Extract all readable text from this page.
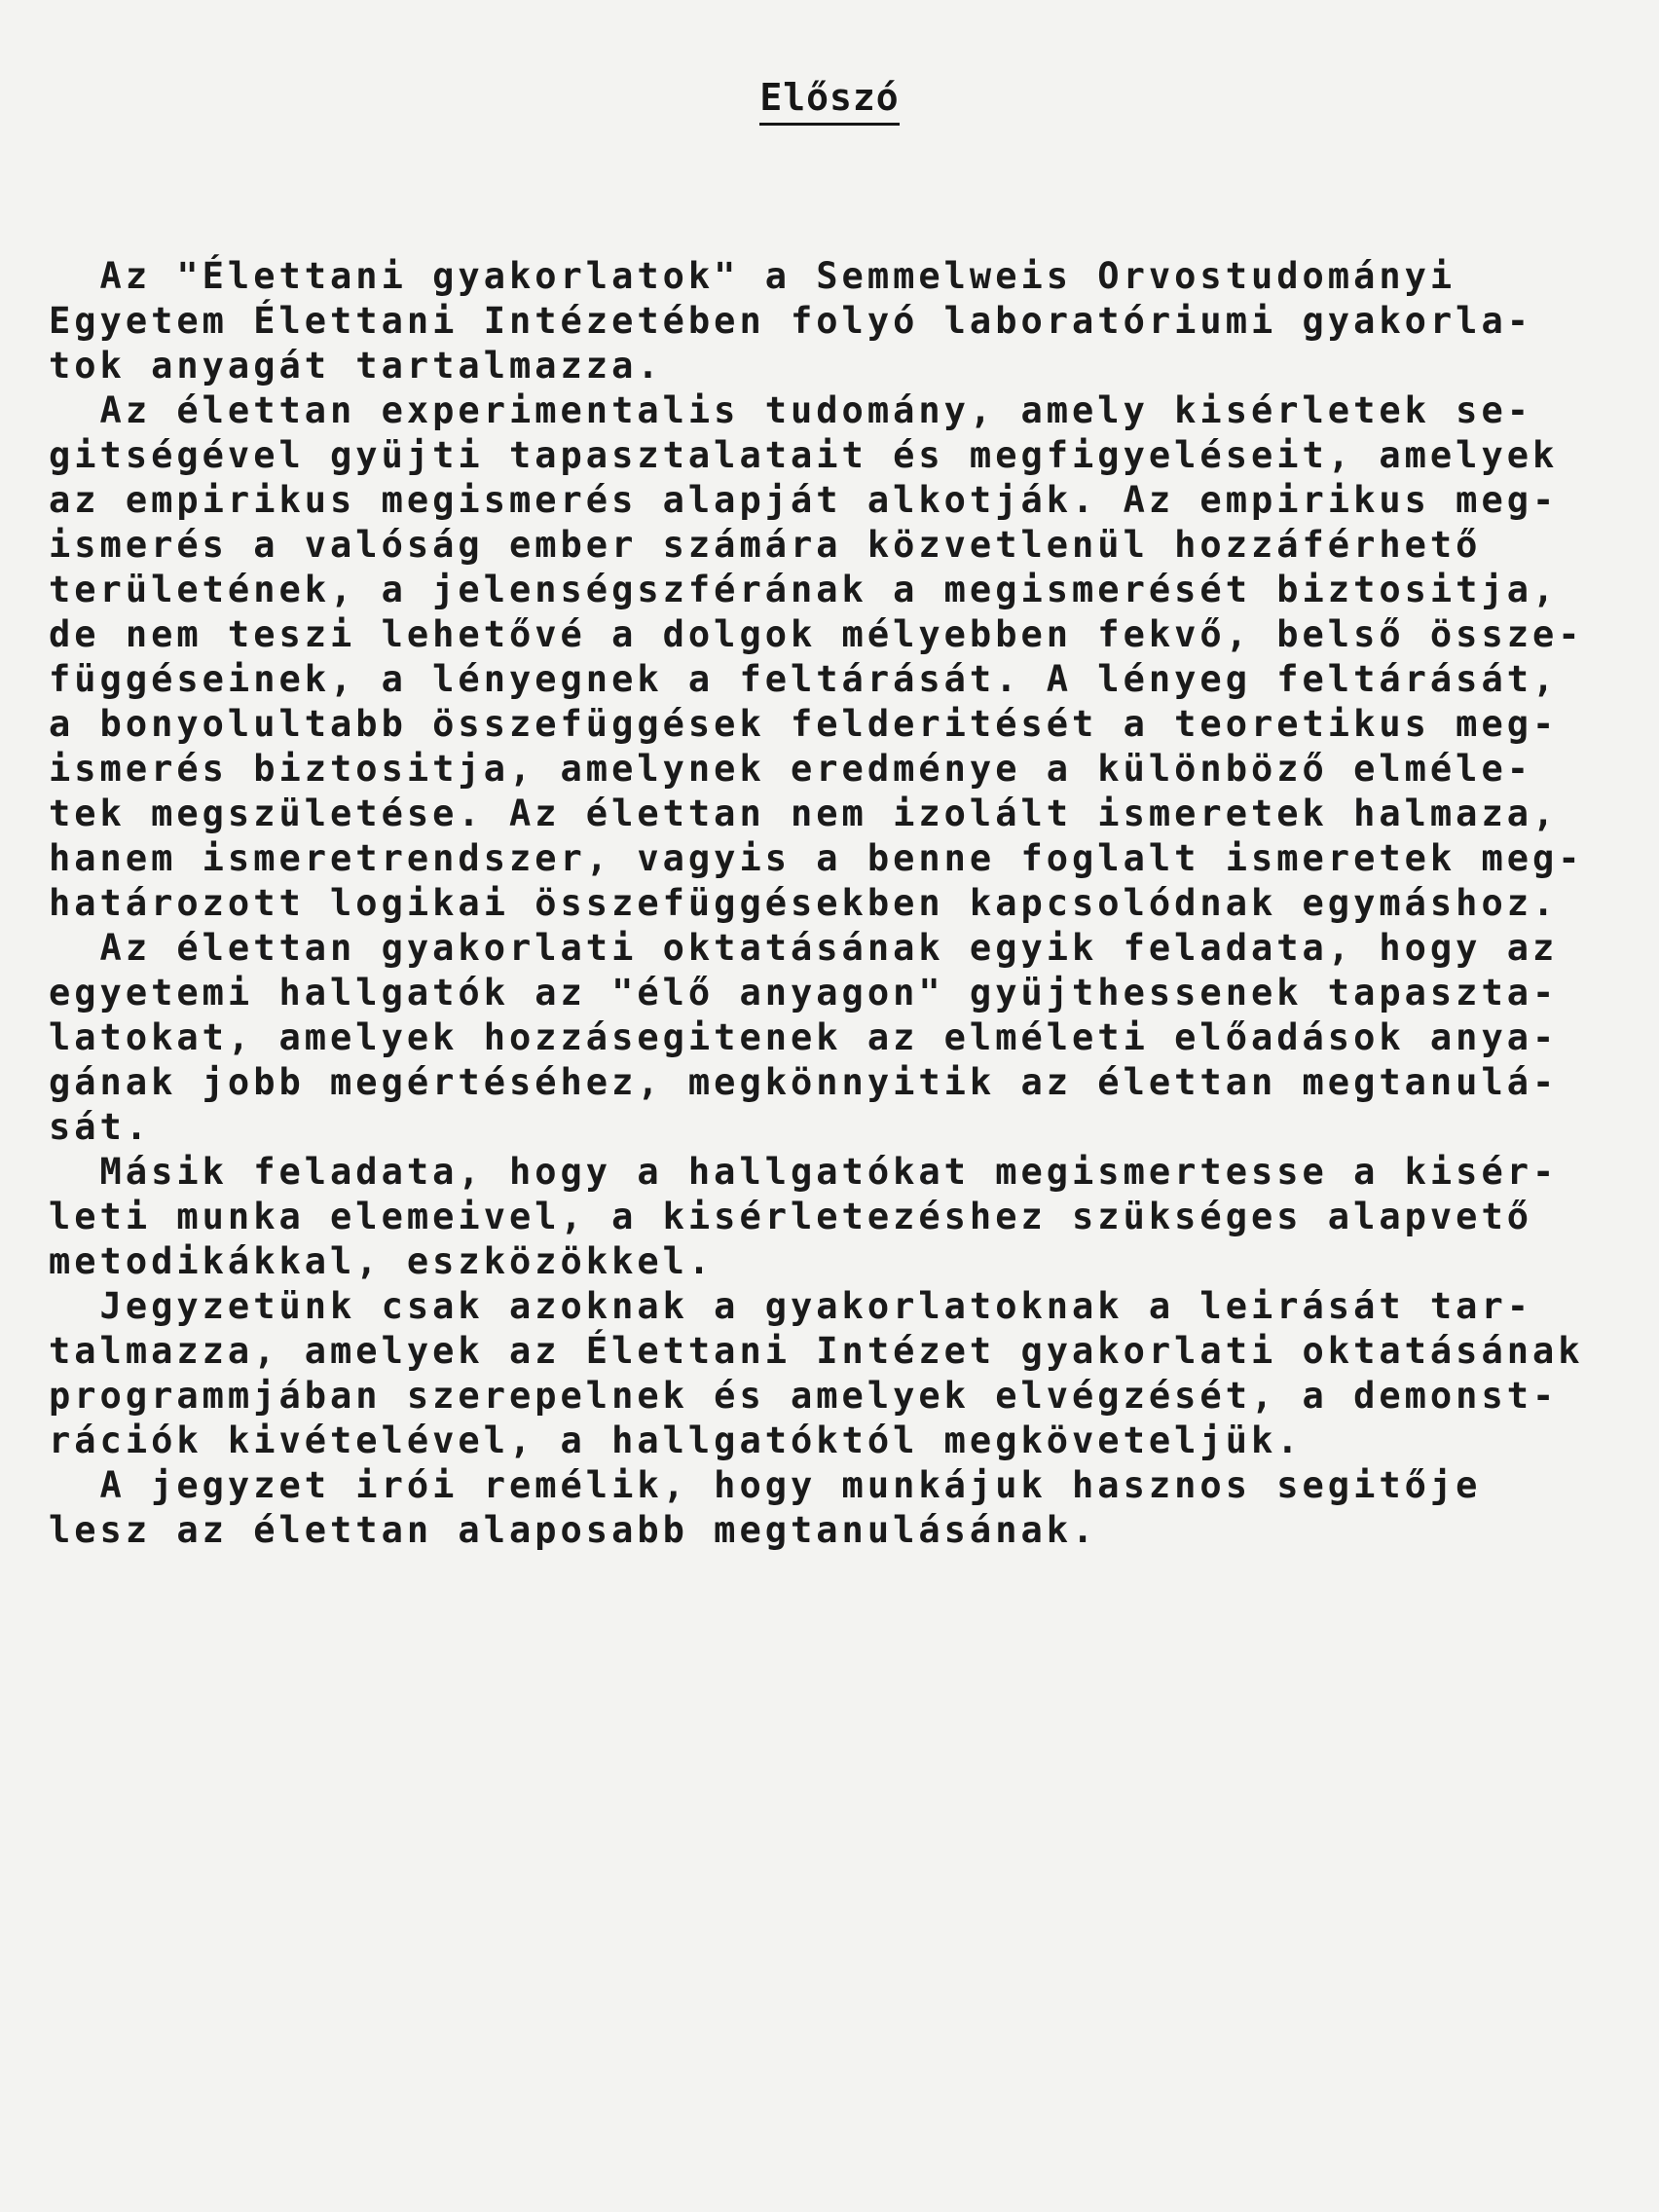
Előszó
Az "Élettani gyakorlatok" a Semmelweis Orvostudományi
Egyetem Élettani Intézetében folyó laboratóriumi gyakorla-
tok anyagát tartalmazza.
Az élettan experimentalis tudomány, amely kisérletek se-
gitségével gyüjti tapasztalatait és megfigyeléseit, amelyek
az empirikus megismerés alapját alkotják. Az empirikus meg-
ismerés a valóság ember számára közvetlenül hozzáférhető
területének, a jelenségszférának a megismerését biztositja,
de nem teszi lehetővé a dolgok mélyebben fekvő, belső össze-
függéseinek, a lényegnek a feltárását. A lényeg feltárását,
a bonyolultabb összefüggések felderitését a teoretikus meg-
ismerés biztositja, amelynek eredménye a különböző elméle-
tek megszületése. Az élettan nem izolált ismeretek halmaza,
hanem ismeretrendszer, vagyis a benne foglalt ismeretek meg-
határozott logikai összefüggésekben kapcsolódnak egymáshoz.
Az élettan gyakorlati oktatásának egyik feladata, hogy az
egyetemi hallgatók az "élő anyagon" gyüjthessenek tapaszta-
latokat, amelyek hozzásegitenek az elméleti előadások anya-
gának jobb megértéséhez, megkönnyitik az élettan megtanulá-
sát.
Másik feladata, hogy a hallgatókat megismertesse a kisér-
leti munka elemeivel, a kisérletezéshez szükséges alapvető
metodikákkal, eszközökkel.
Jegyzetünk csak azoknak a gyakorlatoknak a leirását tar-
talmazza, amelyek az Élettani Intézet gyakorlati oktatásának
programmjában szerepelnek és amelyek elvégzését, a demonst-
rációk kivételével, a hallgatóktól megköveteljük.
A jegyzet irói remélik, hogy munkájuk hasznos segitője
lesz az élettan alaposabb megtanulásának.
